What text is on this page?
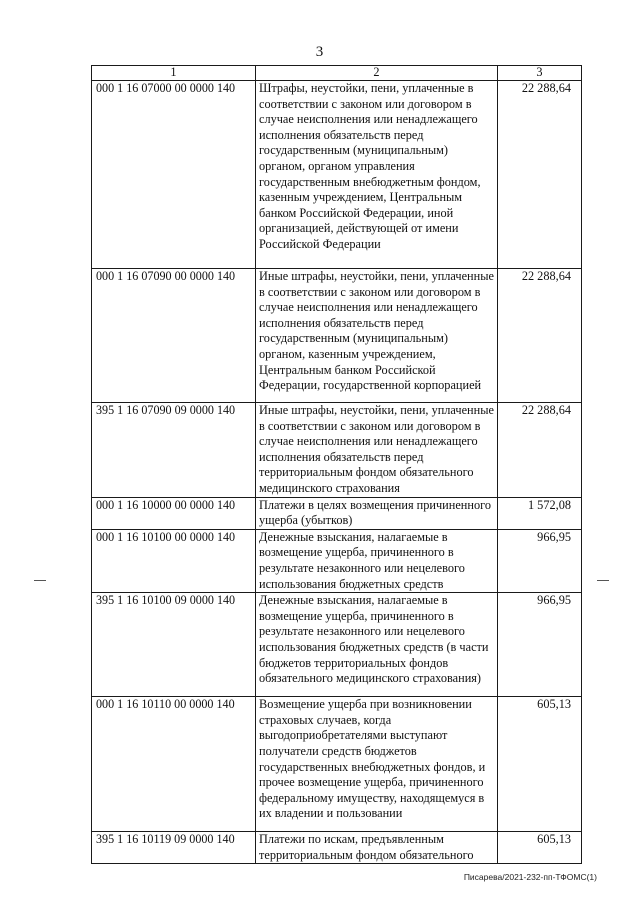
3
1	2	3
000 1 16 07000 00 0000 140	Штрафы, неустойки, пени, уплаченные в соответствии с законом или договором в случае неисполнения или ненадлежащего исполнения обязательств перед государственным (муниципальным) органом, органом управления государственным внебюджетным фондом, казенным учреждением, Центральным банком Российской Федерации, иной организацией, действующей от имени Российской Федерации	22 288,64
000 1 16 07090 00 0000 140	Иные штрафы, неустойки, пени, уплаченные в соответствии с законом или договором в случае неисполнения или ненадлежащего исполнения обязательств перед государственным (муниципальным) органом, казенным учреждением, Центральным банком Российской Федерации, государственной корпорацией	22 288,64
395 1 16 07090 09 0000 140	Иные штрафы, неустойки, пени, уплаченные в соответствии с законом или договором в случае неисполнения или ненадлежащего исполнения обязательств перед территориальным фондом обязательного медицинского страхования	22 288,64
000 1 16 10000 00 0000 140	Платежи в целях возмещения причиненного ущерба (убытков)	1 572,08
000 1 16 10100 00 0000 140	Денежные взыскания, налагаемые в возмещение ущерба, причиненного в результате незаконного или нецелевого использования бюджетных средств	966,95
395 1 16 10100 09 0000 140	Денежные взыскания, налагаемые в возмещение ущерба, причиненного в результате незаконного или нецелевого использования бюджетных средств (в части бюджетов территориальных фондов обязательного медицинского страхования)	966,95
000 1 16 10110 00 0000 140	Возмещение ущерба при возникновении страховых случаев, когда выгодоприобретателями выступают получатели средств бюджетов государственных внебюджетных фондов, и прочее возмещение ущерба, причиненного федеральному имуществу, находящемуся в их владении и пользовании	605,13
395 1 16 10119 09 0000 140	Платежи по искам, предъявленным территориальным фондом обязательного	605,13
Писарева/2021-232-пп-ТФОМС(1)
